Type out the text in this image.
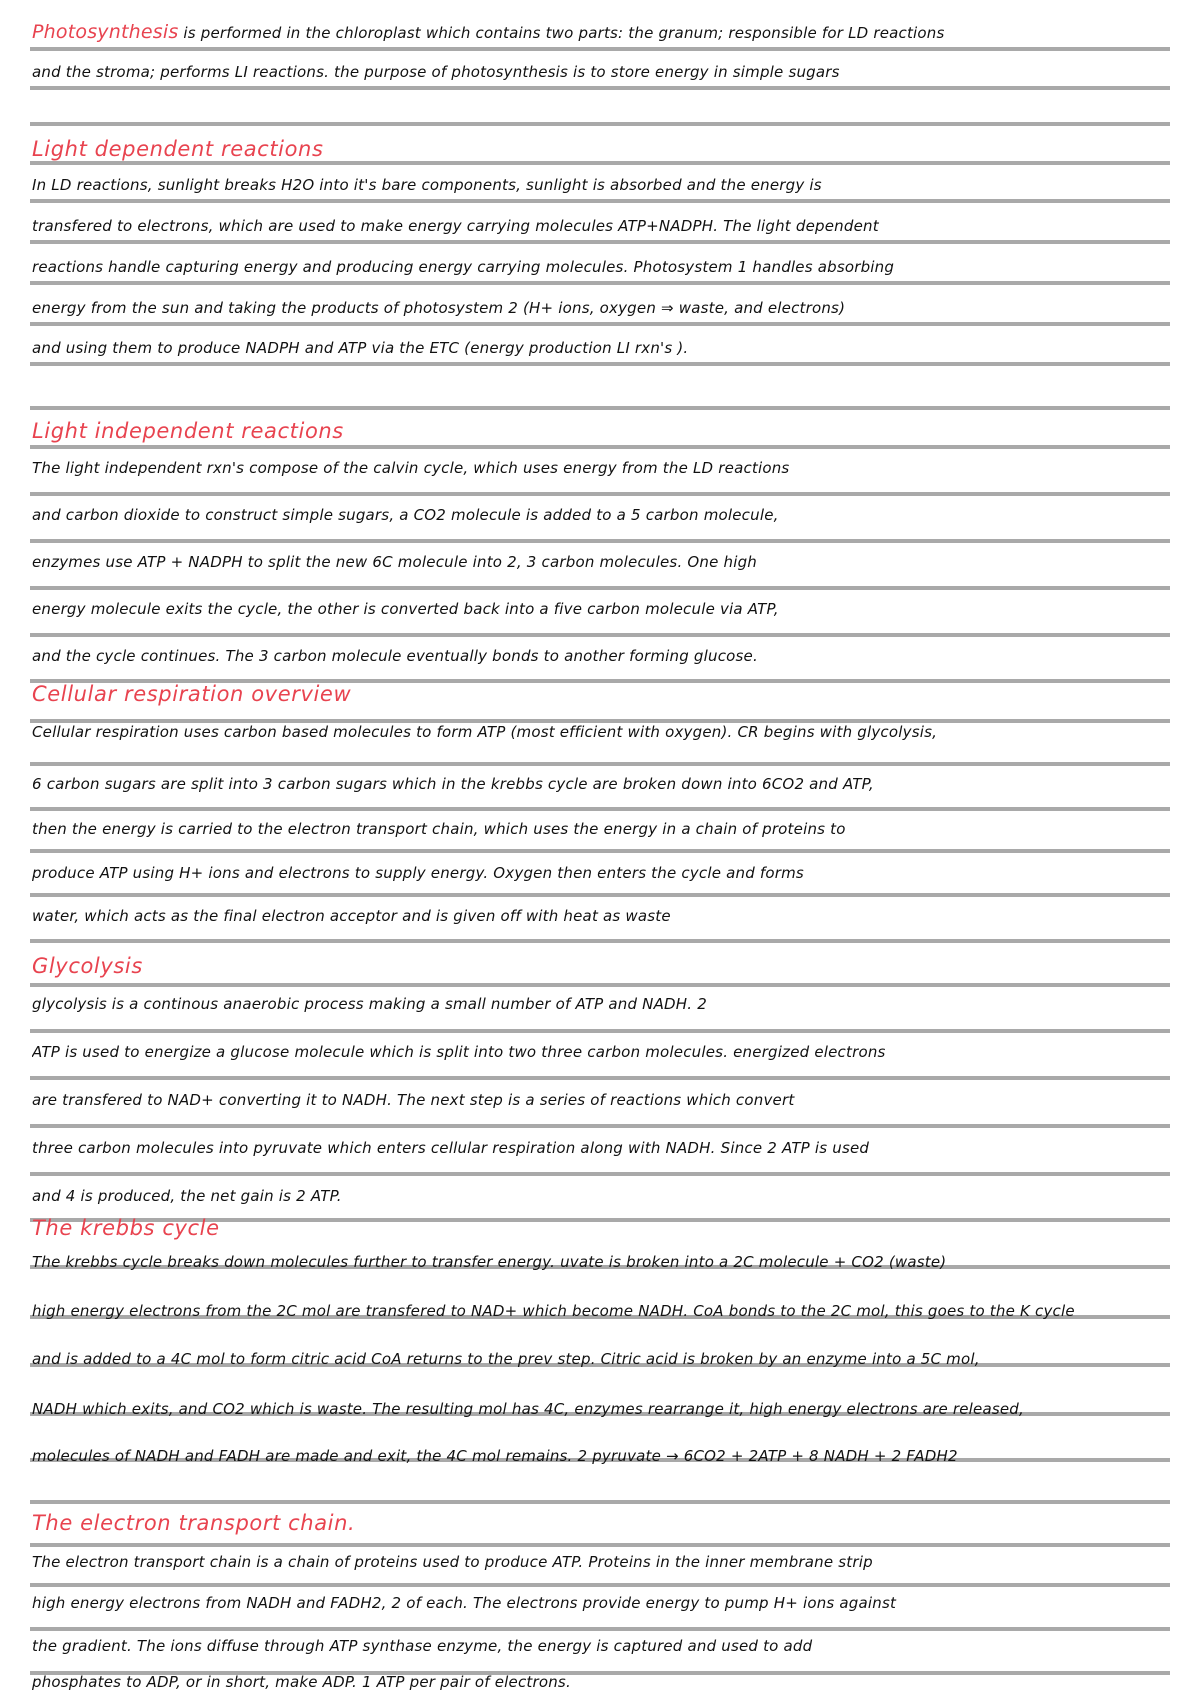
Photosynthesis is performed in the chloroplast which contains two parts: the granum; responsible for LD reactions
and the stroma; performs LI reactions. the purpose of photosynthesis is to store energy in simple sugars
Light dependent reactions
In LD reactions, sunlight breaks H2O into it's bare components, sunlight is absorbed and the energy is
transfered to electrons, which are used to make energy carrying molecules ATP+NADPH. The light dependent
reactions handle capturing energy and producing energy carrying molecules. Photosystem 1 handles absorbing
energy from the sun and taking the products of photosystem 2 (H+ ions, oxygen ⇒ waste, and electrons)
and using them to produce NADPH and ATP via the ETC (energy production LI rxn's ).
Light independent reactions
The light independent rxn's compose of the calvin cycle, which uses energy from the LD reactions
and carbon dioxide to construct simple sugars, a CO2 molecule is added to a 5 carbon molecule,
enzymes use ATP + NADPH to split the new 6C molecule into 2, 3 carbon molecules. One high
energy molecule exits the cycle, the other is converted back into a five carbon molecule via ATP,
and the cycle continues. The 3 carbon molecule eventually bonds to another forming glucose.
Cellular respiration overview
Cellular respiration uses carbon based molecules to form ATP (most efficient with oxygen). CR begins with glycolysis,
6 carbon sugars are split into 3 carbon sugars which in the krebbs cycle are broken down into 6CO2 and ATP,
then the energy is carried to the electron transport chain, which uses the energy in a chain of proteins to
produce ATP using H+ ions and electrons to supply energy. Oxygen then enters the cycle and forms
water, which acts as the final electron acceptor and is given off with heat as waste
Glycolysis
glycolysis is a continous anaerobic process making a small number of ATP and NADH. 2
ATP is used to energize a glucose molecule which is split into two three carbon molecules. energized electrons
are transfered to NAD+ converting it to NADH. The next step is a series of reactions which convert
three carbon molecules into pyruvate which enters cellular respiration along with NADH. Since 2 ATP is used
and 4 is produced, the net gain is 2 ATP.
The krebbs cycle
The krebbs cycle breaks down molecules further to transfer energy. uvate is broken into a 2C molecule + CO2 (waste)
high energy electrons from the 2C mol are transfered to NAD+ which become NADH. CoA bonds to the 2C mol, this goes to the K cycle
and is added to a 4C mol to form citric acid CoA returns to the prev step. Citric acid is broken by an enzyme into a 5C mol,
NADH which exits, and CO2 which is waste. The resulting mol has 4C, enzymes rearrange it, high energy electrons are released,
molecules of NADH and FADH are made and exit, the 4C mol remains. 2 pyruvate → 6CO2 + 2ATP + 8 NADH + 2 FADH2
The electron transport chain.
The electron transport chain is a chain of proteins used to produce ATP. Proteins in the inner membrane strip
high energy electrons from NADH and FADH2, 2 of each. The electrons provide energy to pump H+ ions against
the gradient. The ions diffuse through ATP synthase enzyme, the energy is captured and used to add
phosphates to ADP, or in short, make ADP. 1 ATP per pair of electrons.
